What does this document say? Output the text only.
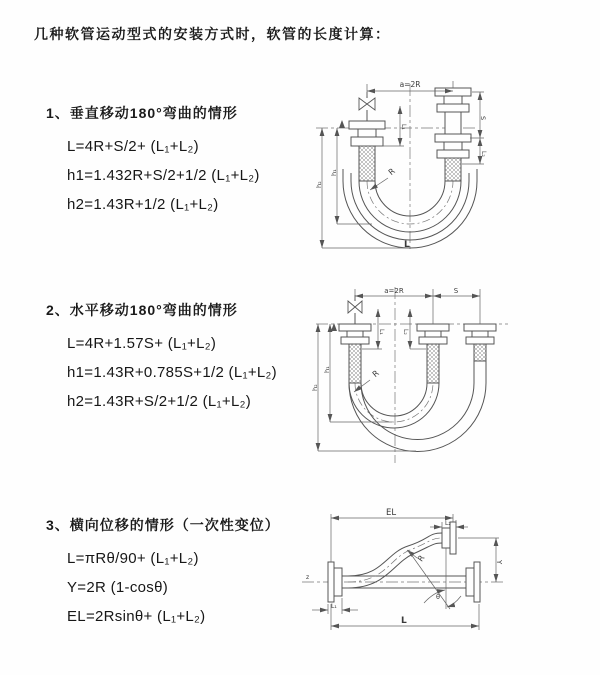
几种软管运动型式的安装方式时，软管的长度计算：
1、垂直移动180°弯曲的情形
L=4R+S/2+ (L₁+L₂)
h1=1.432R+S/2+1/2 (L₁+L₂)
h2=1.43R+1/2 (L₁+L₂)
2、水平移动180°弯曲的情形
L=4R+1.57S+ (L₁+L₂)
h1=1.43R+0.785S+1/2 (L₁+L₂)
h2=1.43R+S/2+1/2 (L₁+L₂)
3、横向位移的情形（一次性变位）
L=πRθ/90+ (L₁+L₂)
Y=2R (1-cosθ)
EL=2Rsinθ+ (L₁+L₂)
a=2R
S
L₂
L₁
h₁
h₂
R
L
a=2R	S
L₁	L₂
h₁
h₂
R
z
EL
L₂
Y
L
L₁
R
θ
